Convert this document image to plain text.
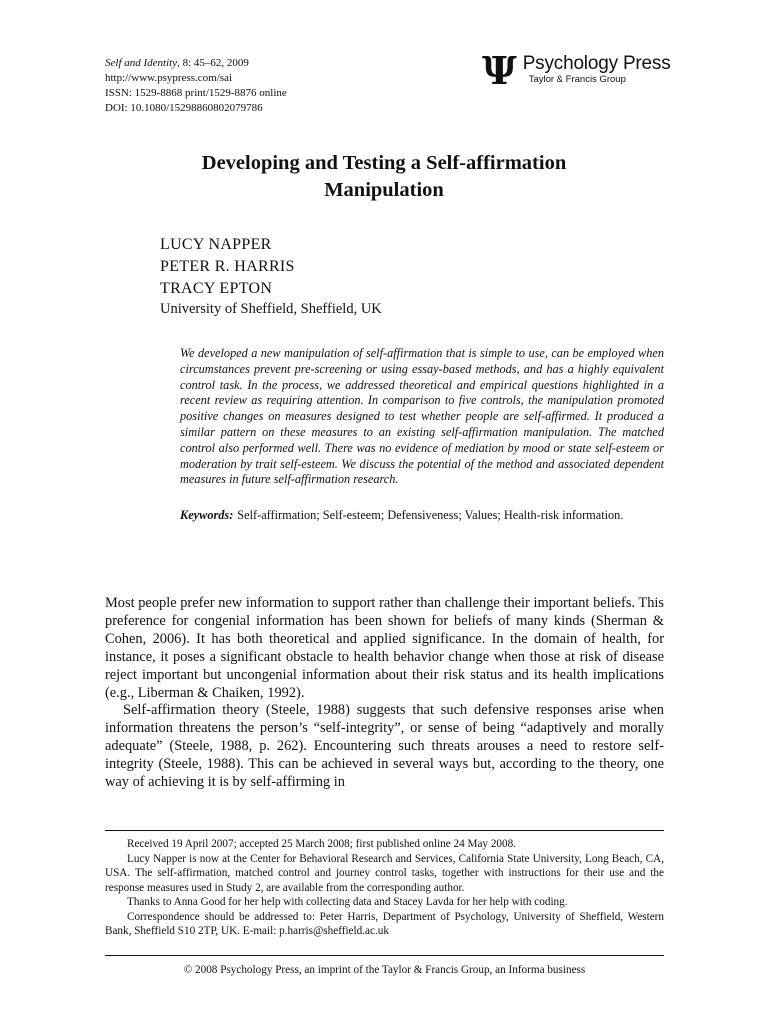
Self and Identity, 8: 45–62, 2009
http://www.psypress.com/sai
ISSN: 1529-8868 print/1529-8876 online
DOI: 10.1080/15298860802079786
Ψ Psychology Press
Taylor & Francis Group
Developing and Testing a Self-affirmation
Manipulation
LUCY NAPPER
PETER R. HARRIS
TRACY EPTON
University of Sheffield, Sheffield, UK
We developed a new manipulation of self-affirmation that is simple to use, can be employed when circumstances prevent pre-screening or using essay-based methods, and has a highly equivalent control task. In the process, we addressed theoretical and empirical questions highlighted in a recent review as requiring attention. In comparison to five controls, the manipulation promoted positive changes on measures designed to test whether people are self-affirmed. It produced a similar pattern on these measures to an existing self-affirmation manipulation. The matched control also performed well. There was no evidence of mediation by mood or state self-esteem or moderation by trait self-esteem. We discuss the potential of the method and associated dependent measures in future self-affirmation research.
Keywords: Self-affirmation; Self-esteem; Defensiveness; Values; Health-risk information.

Most people prefer new information to support rather than challenge their important beliefs. This preference for congenial information has been shown for beliefs of many kinds (Sherman & Cohen, 2006). It has both theoretical and applied significance. In the domain of health, for instance, it poses a significant obstacle to health behavior change when those at risk of disease reject important but uncongenial information about their risk status and its health implications (e.g., Liberman & Chaiken, 1992).

Self-affirmation theory (Steele, 1988) suggests that such defensive responses arise when information threatens the person’s “self-integrity”, or sense of being “adaptively and morally adequate” (Steele, 1988, p. 262). Encountering such threats arouses a need to restore self-integrity (Steele, 1988). This can be achieved in several ways but, according to the theory, one way of achieving it is by self-affirming in

Received 19 April 2007; accepted 25 March 2008; first published online 24 May 2008.

Lucy Napper is now at the Center for Behavioral Research and Services, California State University, Long Beach, CA, USA. The self-affirmation, matched control and journey control tasks, together with instructions for their use and the response measures used in Study 2, are available from the corresponding author.

Thanks to Anna Good for her help with collecting data and Stacey Lavda for her help with coding.

Correspondence should be addressed to: Peter Harris, Department of Psychology, University of Sheffield, Western Bank, Sheffield S10 2TP, UK. E-mail: p.harris@sheffield.ac.uk

© 2008 Psychology Press, an imprint of the Taylor & Francis Group, an Informa business
